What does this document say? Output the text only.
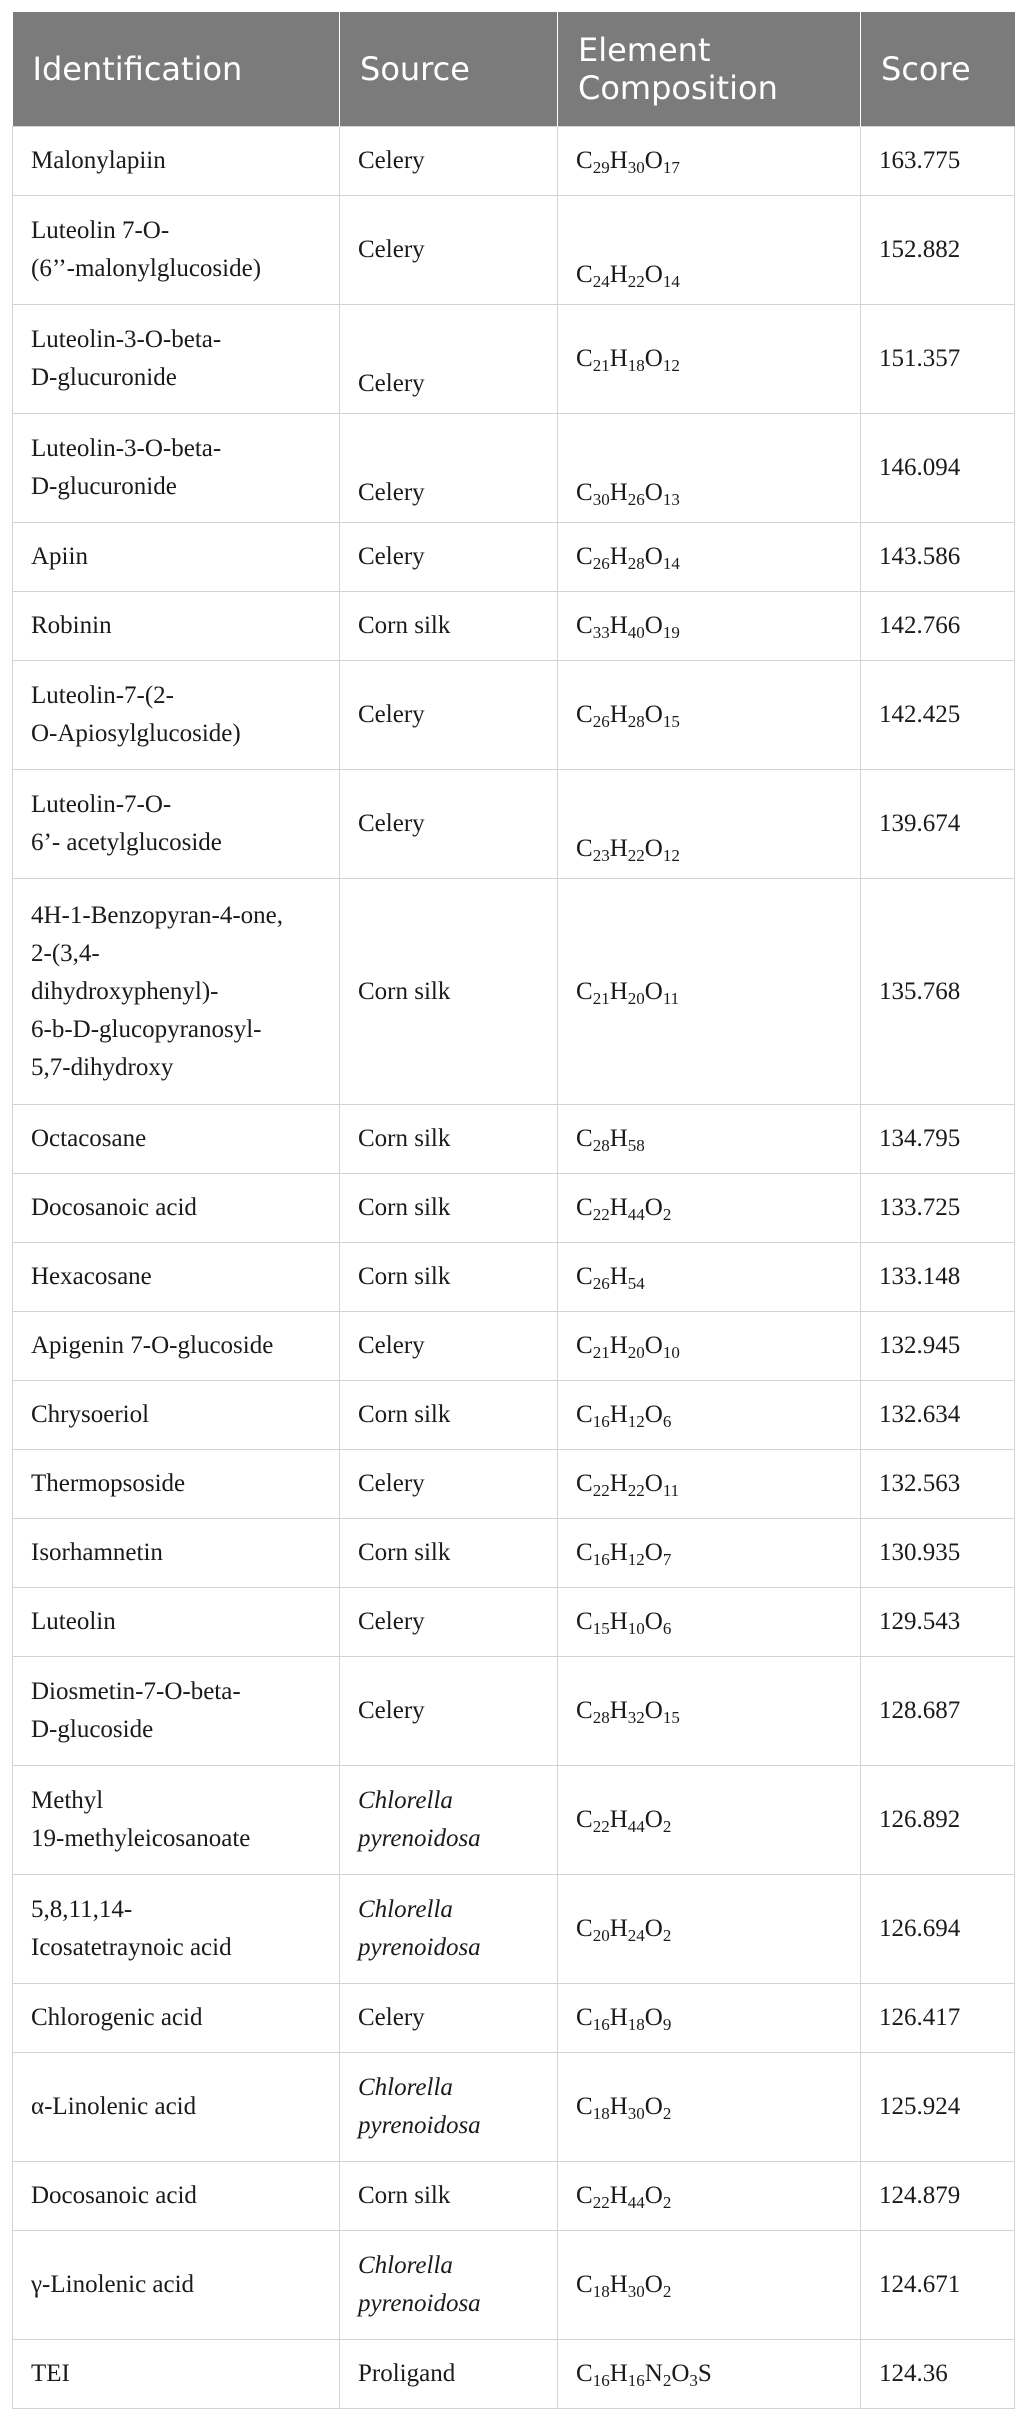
Identification	Source	Element Composition	Score
Malonylapiin	Celery	$C_{29}H_{30}O_{17}$	163.775
Luteolin 7-O-
(6’’-malonylglucoside)	Celery	$C_{24}H_{22}O_{14}$	152.882
Luteolin-3-O-beta-
D-glucuronide	Celery	$C_{21}H_{18}O_{12}$	151.357
Luteolin-3-O-beta-
D-glucuronide	Celery	$C_{30}H_{26}O_{13}$	146.094
Apiin	Celery	$C_{26}H_{28}O_{14}$	143.586
Robinin	Corn silk	$C_{33}H_{40}O_{19}$	142.766
Luteolin-7-(2-
O-Apiosylglucoside)	Celery	$C_{26}H_{28}O_{15}$	142.425
Luteolin-7-O-
6’- acetylglucoside	Celery	$C_{23}H_{22}O_{12}$	139.674
4H-1-Benzopyran-4-one,
2-(3,4-
dihydroxyphenyl)-
6-b-D-glucopyranosyl-
5,7-dihydroxy	Corn silk	$C_{21}H_{20}O_{11}$	135.768
Octacosane	Corn silk	$C_{28}H_{58}$	134.795
Docosanoic acid	Corn silk	$C_{22}H_{44}O_2$	133.725
Hexacosane	Corn silk	$C_{26}H_{54}$	133.148
Apigenin 7-O-glucoside	Celery	$C_{21}H_{20}O_{10}$	132.945
Chrysoeriol	Corn silk	$C_{16}H_{12}O_6$	132.634
Thermopsoside	Celery	$C_{22}H_{22}O_{11}$	132.563
Isorhamnetin	Corn silk	$C_{16}H_{12}O_7$	130.935
Luteolin	Celery	$C_{15}H_{10}O_6$	129.543
Diosmetin-7-O-beta-
D-glucoside	Celery	$C_{28}H_{32}O_{15}$	128.687
Methyl
19-methyleicosanoate	Chlorella pyrenoidosa	$C_{22}H_{44}O_2$	126.892
5,8,11,14-
Icosatetraynoic acid	Chlorella pyrenoidosa	$C_{20}H_{24}O_2$	126.694
Chlorogenic acid	Celery	$C_{16}H_{18}O_9$	126.417
α-Linolenic acid	Chlorella pyrenoidosa	$C_{18}H_{30}O_2$	125.924
Docosanoic acid	Corn silk	$C_{22}H_{44}O_2$	124.879
γ-Linolenic acid	Chlorella pyrenoidosa	$C_{18}H_{30}O_2$	124.671
TEI	Proligand	$C_{16}H_{16}N_2O_3S$	124.36
